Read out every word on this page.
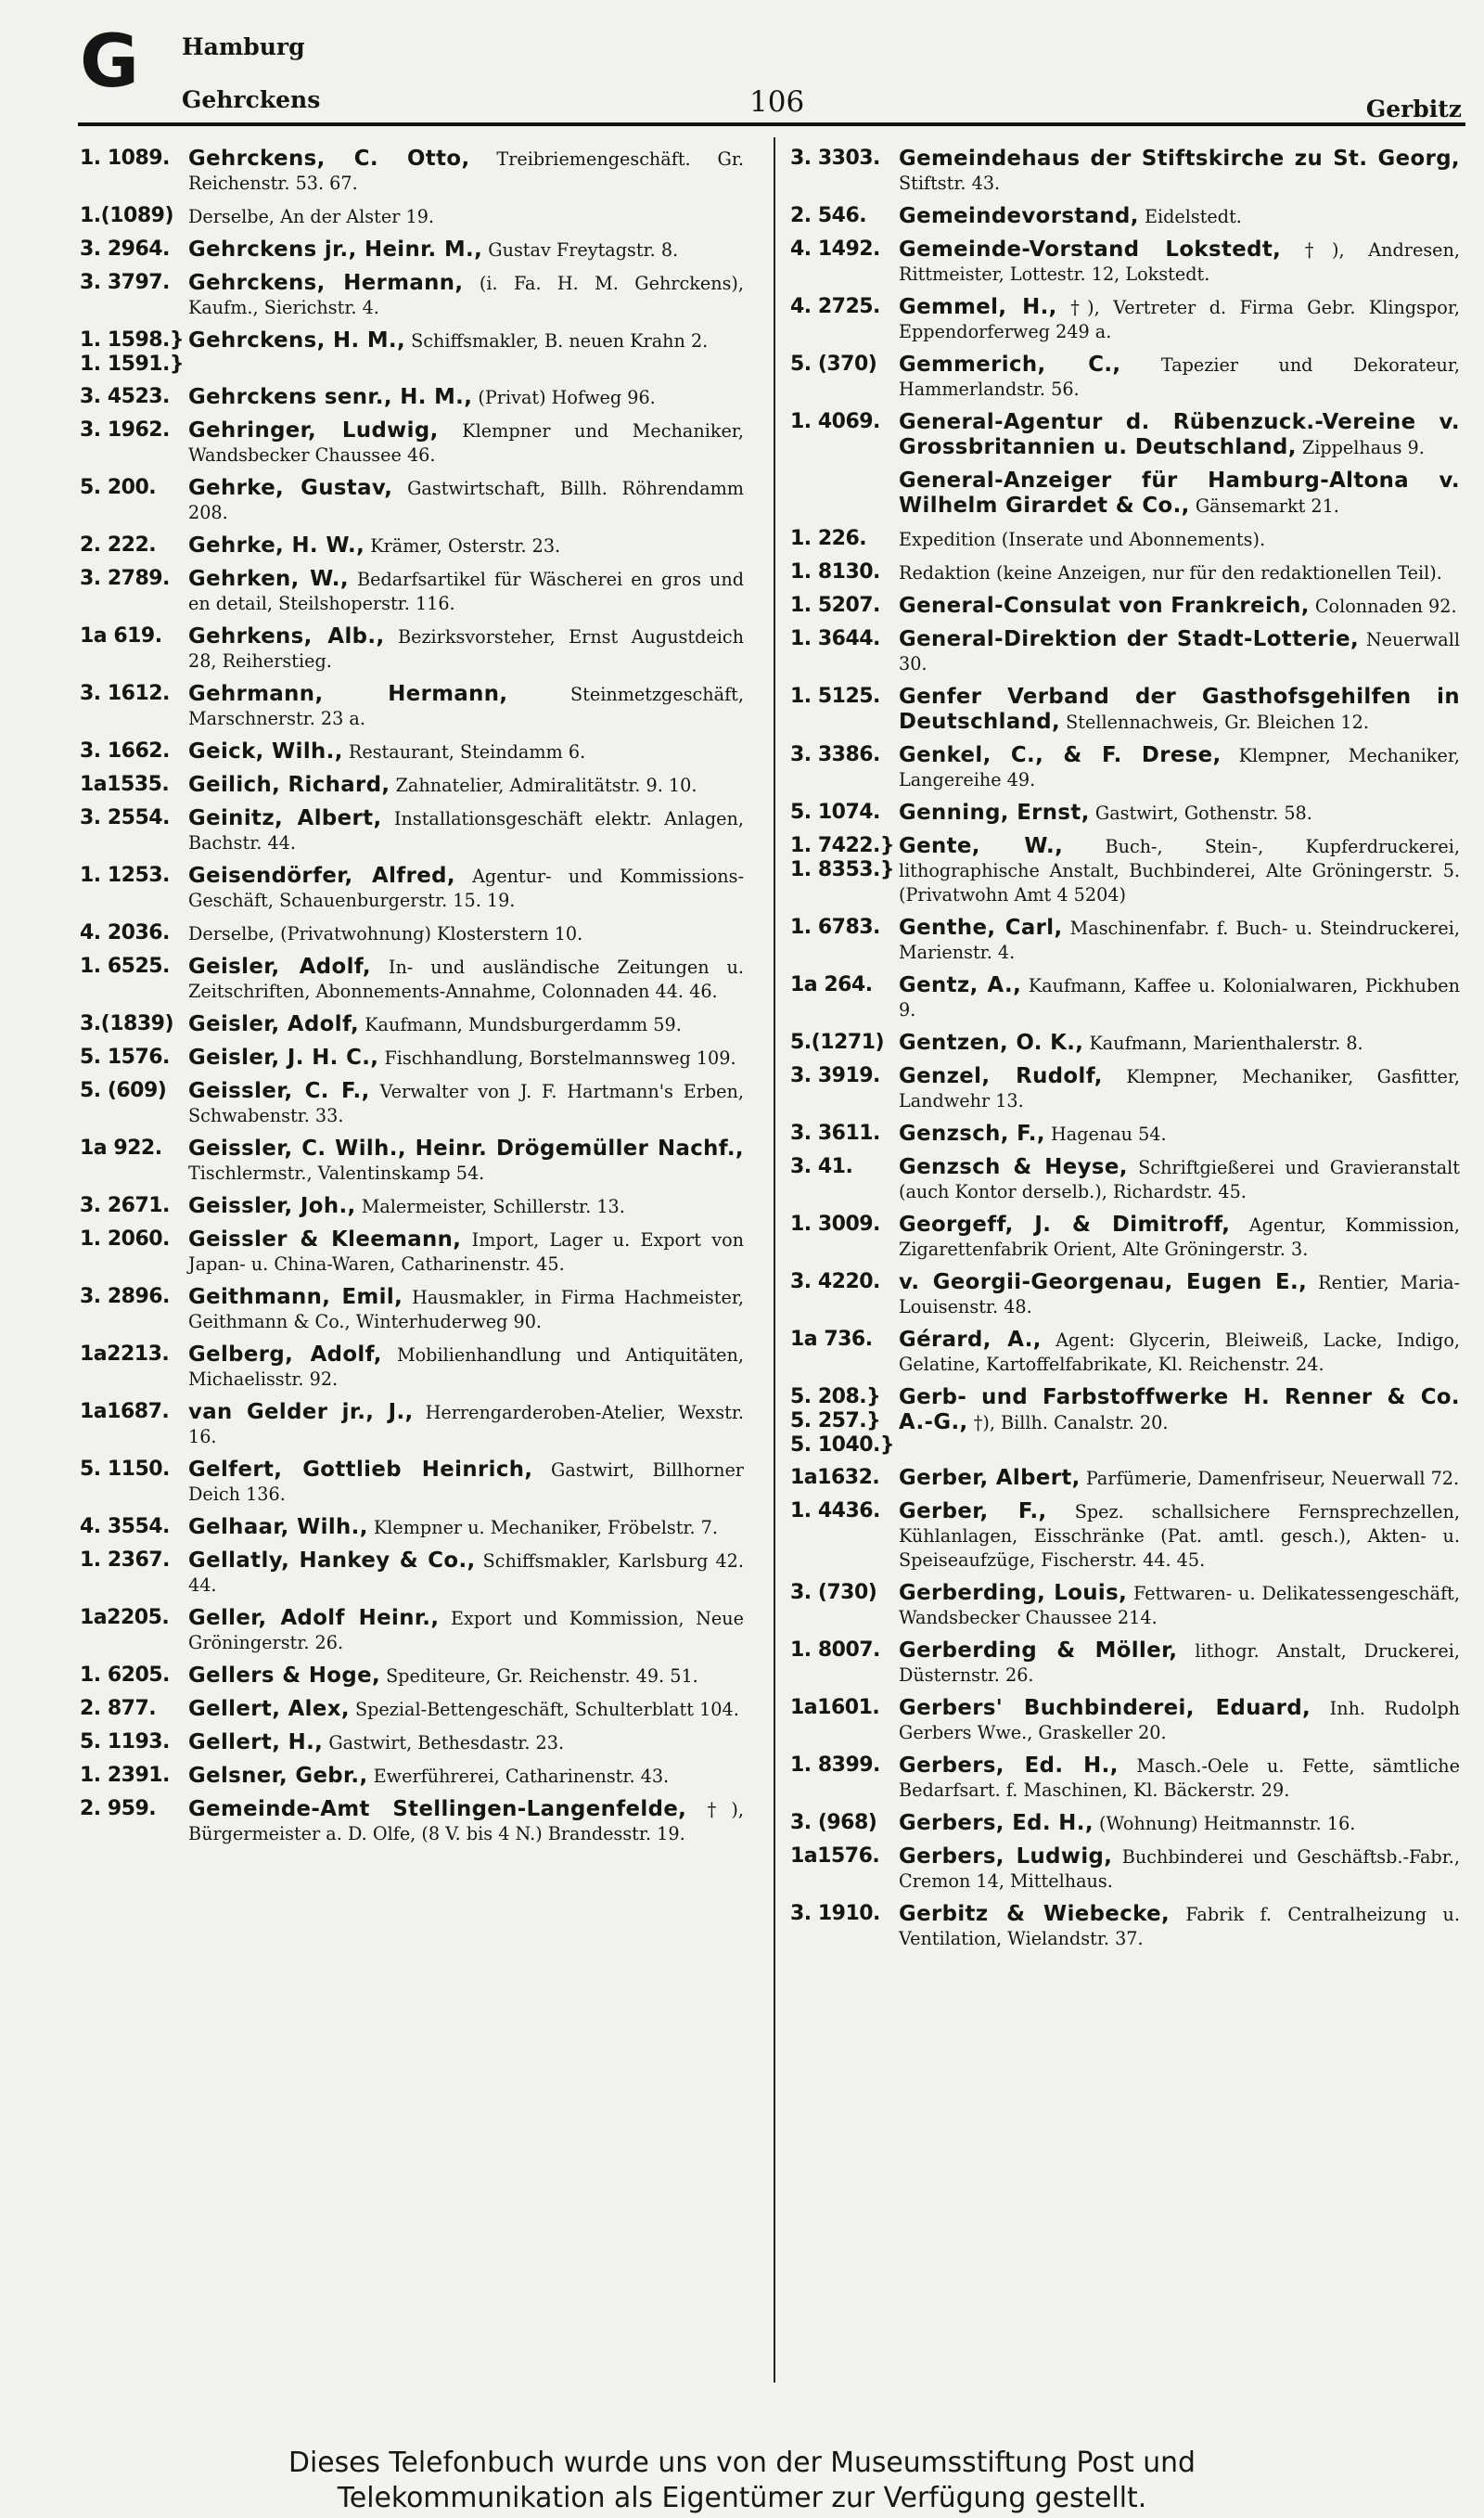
G Hamburg
Gehrckens	106	Gerbitz
1. 1089. Gehrckens, C. Otto, Treibriemengeschäft. Gr. Reichenstr. 53. 67.
1.(1089) Derselbe, An der Alster 19.
3. 2964. Gehrckens jr., Heinr. M., Gustav Freytagstr. 8.
3. 3797. Gehrckens, Hermann, (i. Fa. H. M. Gehrckens), Kaufm., Sierichstr. 4.
1. 1598.}
1. 1591.}
Gehrckens, H. M., Schiffsmakler, B. neuen Krahn 2.
3. 4523. Gehrckens senr., H. M., (Privat) Hofweg 96.
3. 1962. Gehringer, Ludwig, Klempner und Mechaniker, Wandsbecker Chaussee 46.
5. 200.	Gehrke, Gustav, Gastwirtschaft, Billh. Röhrendamm 208.
2. 222.	Gehrke, H. W., Krämer, Osterstr. 23.
3. 2789. Gehrken, W., Bedarfsartikel für Wäscherei en gros und en detail, Steilshoperstr. 116.
1a 619.	Gehrkens, Alb., Bezirksvorsteher, Ernst Augustdeich 28, Reiherstieg.
3. 1612. Gehrmann, Hermann,	Steinmetzgeschäft, Marschnerstr. 23 a.
3. 1662. Geick, Wilh., Restaurant, Steindamm 6.
1a1535. Geilich, Richard, Zahnatelier, Admiralitätstr. 9. 10.
3. 2554. Geinitz, Albert, Installationsgeschäft elektr. Anlagen, Bachstr. 44.
1. 1253. Geisendörfer, Alfred, Agentur- und Kommissions-Geschäft, Schauenburgerstr. 15. 19.
4. 2036.	Derselbe, (Privatwohnung) Klosterstern 10.
1. 6525. Geisler, Adolf, In- und ausländische Zeitungen u. Zeitschriften, Abonnements-Annahme, Colonnaden 44. 46.
3.(1839) Geisler, Adolf, Kaufmann, Mundsburgerdamm 59.
5. 1576. Geisler, J. H. C., Fischhandlung, Borstelmannsweg 109.
5. (609)	Geissler, C. F., Verwalter von J. F. Hartmann's Erben, Schwabenstr. 33.
1a 922.	Geissler, C. Wilh., Heinr. Drögemüller Nachf., Tischlermstr., Valentinskamp 54.
3. 2671. Geissler, Joh., Malermeister, Schillerstr. 13.
1. 2060. Geissler & Kleemann, Import, Lager u. Export von Japan- u. China-Waren, Catharinenstr. 45.
3. 2896. Geithmann, Emil, Hausmakler, in Firma Hachmeister, Geithmann & Co., Winterhuderweg 90.
1a2213. Gelberg, Adolf, Mobilienhandlung und Antiquitäten, Michaelisstr. 92.
1a1687. van Gelder jr., J., Herrengarderoben-Atelier, Wexstr. 16.
5. 1150. Gelfert, Gottlieb Heinrich, Gastwirt, Billhorner Deich 136.
4. 3554. Gelhaar, Wilh., Klempner u. Mechaniker, Fröbelstr. 7.
1. 2367. Gellatly, Hankey & Co., Schiffsmakler, Karlsburg 42. 44.
1a2205. Geller, Adolf Heinr., Export und Kommission, Neue Gröningerstr. 26.
1. 6205. Gellers & Hoge, Spediteure, Gr. Reichenstr. 49. 51.
2. 877.	Gellert, Alex, Spezial-Bettengeschäft, Schulterblatt 104.
5. 1193. Gellert, H., Gastwirt, Bethesdastr. 23.
1. 2391. Gelsner, Gebr., Ewerführerei, Catharinenstr. 43.
2. 959.	Gemeinde-Amt Stellingen-Langenfelde, †), Bürgermeister a. D. Olfe, (8 V. bis 4 N.) Brandesstr. 19.
3. 3303. Gemeindehaus der Stiftskirche zu St. Georg, Stiftstr. 43.
2. 546.	Gemeindevorstand, Eidelstedt.
4. 1492. Gemeinde-Vorstand Lokstedt, †), Andresen, Rittmeister, Lottestr. 12, Lokstedt.
4. 2725. Gemmel, H., †), Vertreter d. Firma Gebr. Klingspor, Eppendorferweg 249 a.
5. (370)	Gemmerich, C., Tapezier und Dekorateur, Hammerlandstr. 56.
1. 4069. General-Agentur d. Rübenzuck.-Vereine v. Grossbritannien u. Deutschland, Zippelhaus 9.
General-Anzeiger für Hamburg-Altona v. Wilhelm Girardet & Co., Gänsemarkt 21.
1. 226.	Expedition (Inserate und Abonnements).
1. 8130.	Redaktion (keine Anzeigen, nur für den redaktionellen Teil).
1. 5207. General-Consulat von Frankreich, Colonnaden 92.
1. 3644. General-Direktion der Stadt-Lotterie, Neuerwall 30.
1. 5125. Genfer Verband der Gasthofsgehilfen in Deutschland, Stellennachweis, Gr. Bleichen 12.
3. 3386. Genkel, C., & F. Drese, Klempner, Mechaniker, Langereihe 49.
5. 1074. Genning, Ernst, Gastwirt, Gothenstr. 58.
1. 7422.}
1. 8353.}
Gente, W., Buch-, Stein-, Kupferdruckerei, lithographische Anstalt, Buchbinderei, Alte Gröningerstr. 5. (Privatwohn Amt 4 5204)
1. 6783. Genthe, Carl, Maschinenfabr. f. Buch- u. Steindruckerei, Marienstr. 4.
1a 264.	Gentz, A., Kaufmann, Kaffee u. Kolonialwaren, Pickhuben 9.
5.(1271) Gentzen, O. K., Kaufmann, Marienthalerstr. 8.
3. 3919. Genzel, Rudolf, Klempner, Mechaniker, Gasfitter, Landwehr 13.
3. 3611. Genzsch, F., Hagenau 54.
3. 41.	Genzsch & Heyse, Schriftgießerei und Gravieranstalt (auch Kontor derselb.), Richardstr. 45.
1. 3009. Georgeff, J. & Dimitroff, Agentur, Kommission, Zigarettenfabrik Orient, Alte Gröningerstr. 3.
3. 4220. v. Georgii-Georgenau, Eugen E., Rentier, Maria-Louisenstr. 48.
1a 736.	Gérard, A., Agent: Glycerin, Bleiweiß, Lacke, Indigo, Gelatine, Kartoffelfabrikate, Kl. Reichenstr. 24.
5. 208.}
5. 257.}
5. 1040.}
Gerb- und Farbstoffwerke H. Renner & Co. A.-G., †), Billh. Canalstr. 20.
1a1632. Gerber, Albert, Parfümerie, Damenfriseur, Neuerwall 72.
1. 4436. Gerber, F., Spez. schallsichere Fernsprechzellen, Kühlanlagen, Eisschränke (Pat. amtl. gesch.), Akten- u. Speiseaufzüge, Fischerstr. 44. 45.
3. (730)	Gerberding, Louis, Fettwaren- u. Delikatessengeschäft, Wandsbecker Chaussee 214.
1. 8007. Gerberding & Möller, lithogr. Anstalt, Druckerei, Düsternstr. 26.
1a1601. Gerbers' Buchbinderei, Eduard, Inh. Rudolph Gerbers Wwe., Graskeller 20.
1. 8399. Gerbers, Ed. H., Masch.-Oele u. Fette, sämtliche Bedarfsart. f. Maschinen, Kl. Bäckerstr. 29.
3. (968)	Gerbers, Ed. H., (Wohnung) Heitmannstr. 16.
1a1576. Gerbers, Ludwig, Buchbinderei und Geschäftsb.-Fabr., Cremon 14, Mittelhaus.
3. 1910. Gerbitz & Wiebecke, Fabrik f. Centralheizung u. Ventilation, Wielandstr. 37.
Dieses Telefonbuch wurde uns von der Museumsstiftung Post und
Telekommunikation als Eigentümer zur Verfügung gestellt.
